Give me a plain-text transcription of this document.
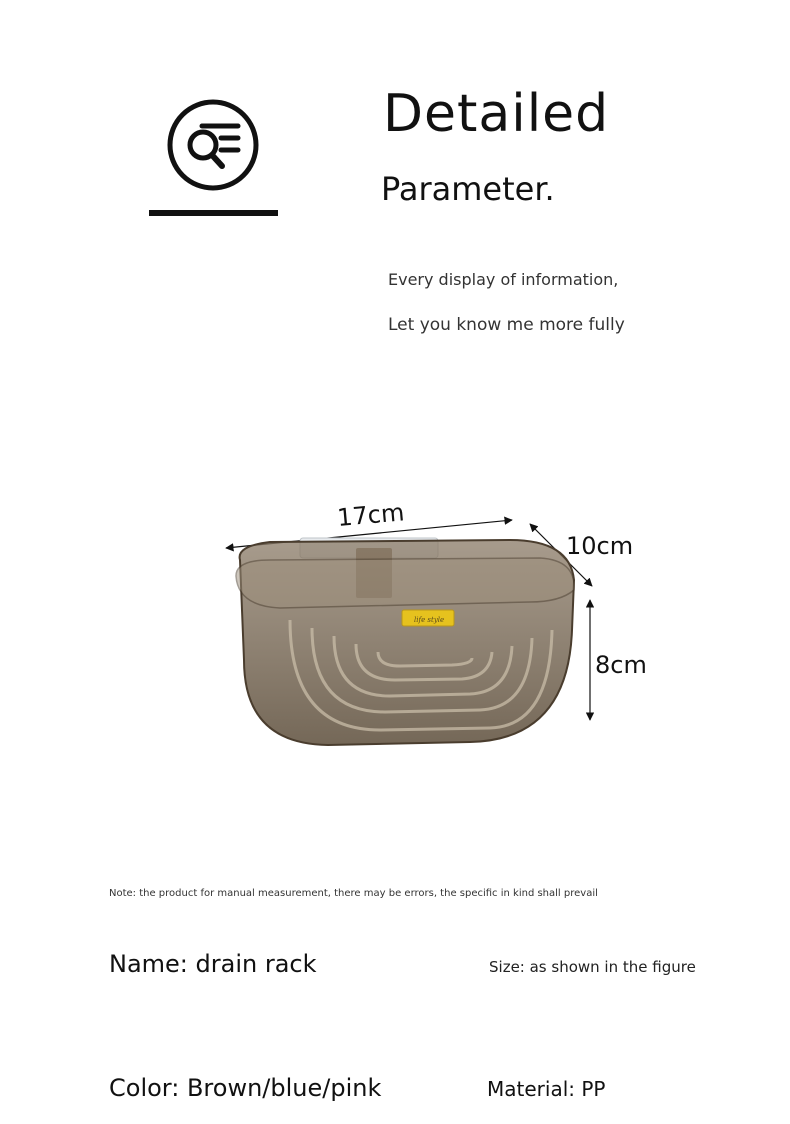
Detailed
Parameter.
Every display of information,
Let you know me more fully
17cm
10cm
8cm
life style
Note: the product for manual measurement, there may be errors, the specific in kind shall prevail
Name: drain rack	Size: as shown in the figure
Color: Brown/blue/pink	Material: PP
